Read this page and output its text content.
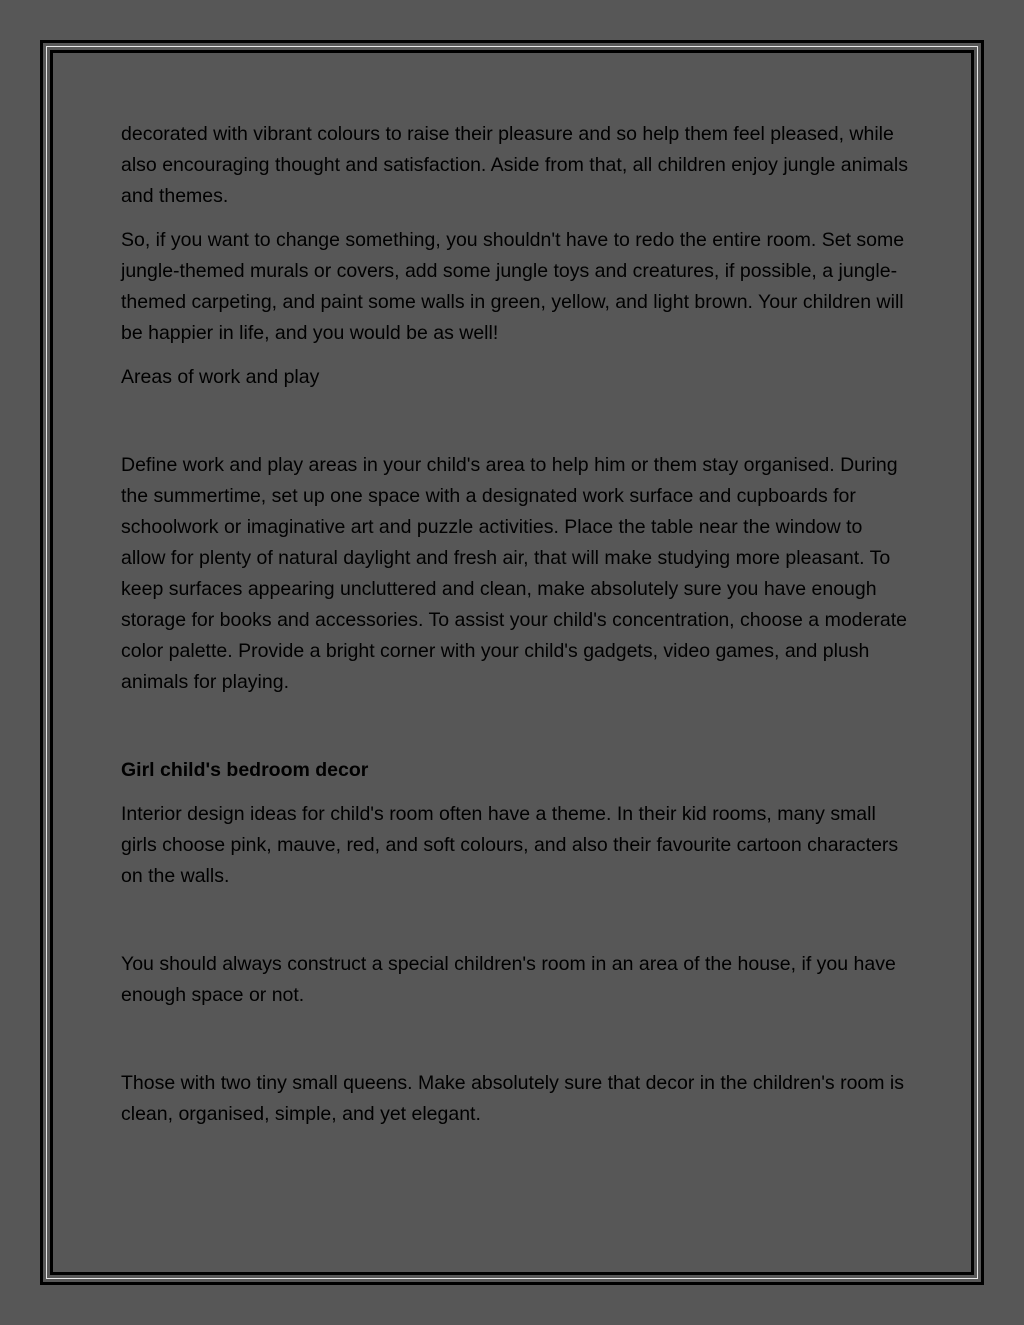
decorated with vibrant colours to raise their pleasure and so help them feel pleased, while also encouraging thought and satisfaction. Aside from that, all children enjoy jungle animals and themes.

So, if you want to change something, you shouldn't have to redo the entire room. Set some jungle-themed murals or covers, add some jungle toys and creatures, if possible, a jungle-themed carpeting, and paint some walls in green, yellow, and light brown. Your children will be happier in life, and you would be as well!

Areas of work and play

Define work and play areas in your child's area to help him or them stay organised. During the summertime, set up one space with a designated work surface and cupboards for schoolwork or imaginative art and puzzle activities. Place the table near the window to allow for plenty of natural daylight and fresh air, that will make studying more pleasant. To keep surfaces appearing uncluttered and clean, make absolutely sure you have enough storage for books and accessories. To assist your child's concentration, choose a moderate color palette. Provide a bright corner with your child's gadgets, video games, and plush animals for playing.

Girl child's bedroom decor

Interior design ideas for child's room often have a theme. In their kid rooms, many small girls choose pink, mauve, red, and soft colours, and also their favourite cartoon characters on the walls.

You should always construct a special children's room in an area of the house, if you have enough space or not.

Those with two tiny small queens. Make absolutely sure that decor in the children's room is clean, organised, simple, and yet elegant.
